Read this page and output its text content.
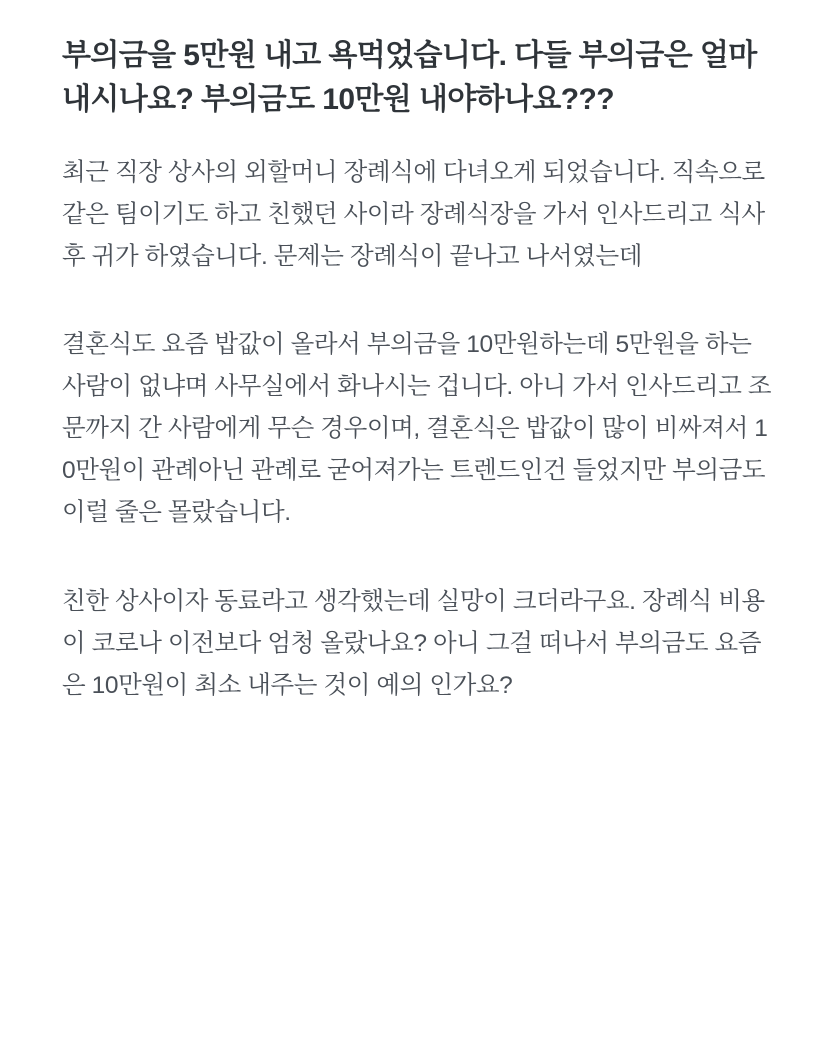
부의금을 5만원 내고 욕먹었습니다. 다들 부의금은 얼마 내시나요? 부의금도 10만원 내야하나요???

최근 직장 상사의 외할머니 장례식에 다녀오게 되었습니다. 직속으로 같은 팀이기도 하고 친했던 사이라 장례식장을 가서 인사드리고 식사 후 귀가 하였습니다. 문제는 장례식이 끝나고 나서였는데

결혼식도 요즘 밥값이 올라서 부의금을 10만원하는데 5만원을 하는 사람이 없냐며 사무실에서 화나시는 겁니다. 아니 가서 인사드리고 조문까지 간 사람에게 무슨 경우이며, 결혼식은 밥값이 많이 비싸져서 10만원이 관례아닌 관례로 굳어져가는 트렌드인건 들었지만 부의금도 이럴 줄은 몰랐습니다.

친한 상사이자 동료라고 생각했는데 실망이 크더라구요. 장례식 비용이 코로나 이전보다 엄청 올랐나요? 아니 그걸 떠나서 부의금도 요즘은 10만원이 최소 내주는 것이 예의 인가요?
